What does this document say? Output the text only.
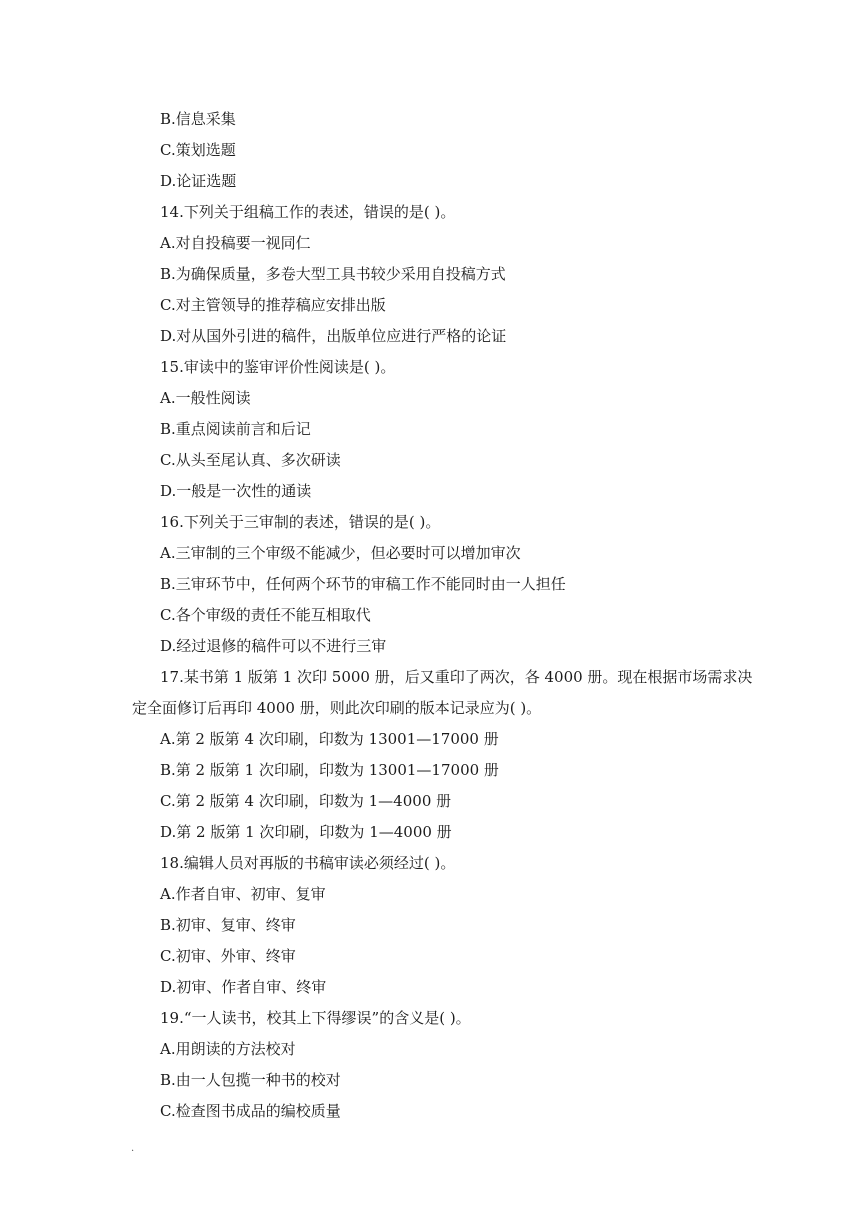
B.信息采集
C.策划选题
D.论证选题
14.下列关于组稿工作的表述，错误的是( )。
A.对自投稿要一视同仁
B.为确保质量，多卷大型工具书较少采用自投稿方式
C.对主管领导的推荐稿应安排出版
D.对从国外引进的稿件，出版单位应进行严格的论证
15.审读中的鉴审评价性阅读是( )。
A.一般性阅读
B.重点阅读前言和后记
C.从头至尾认真、多次研读
D.一般是一次性的通读
16.下列关于三审制的表述，错误的是( )。
A.三审制的三个审级不能减少，但必要时可以增加审次
B.三审环节中，任何两个环节的审稿工作不能同时由一人担任
C.各个审级的责任不能互相取代
D.经过退修的稿件可以不进行三审
17.某书第 1 版第 1 次印 5000 册，后又重印了两次，各 4000 册。现在根据市场需求决
定全面修订后再印 4000 册，则此次印刷的版本记录应为( )。
A.第 2 版第 4 次印刷，印数为 13001—17000 册
B.第 2 版第 1 次印刷，印数为 13001—17000 册
C.第 2 版第 4 次印刷，印数为 1—4000 册
D.第 2 版第 1 次印刷，印数为 1—4000 册
18.编辑人员对再版的书稿审读必须经过( )。
A.作者自审、初审、复审
B.初审、复审、终审
C.初审、外审、终审
D.初审、作者自审、终审
19.“一人读书，校其上下得缪误”的含义是( )。
A.用朗读的方法校对
B.由一人包揽一种书的校对
C.检查图书成品的编校质量
.
